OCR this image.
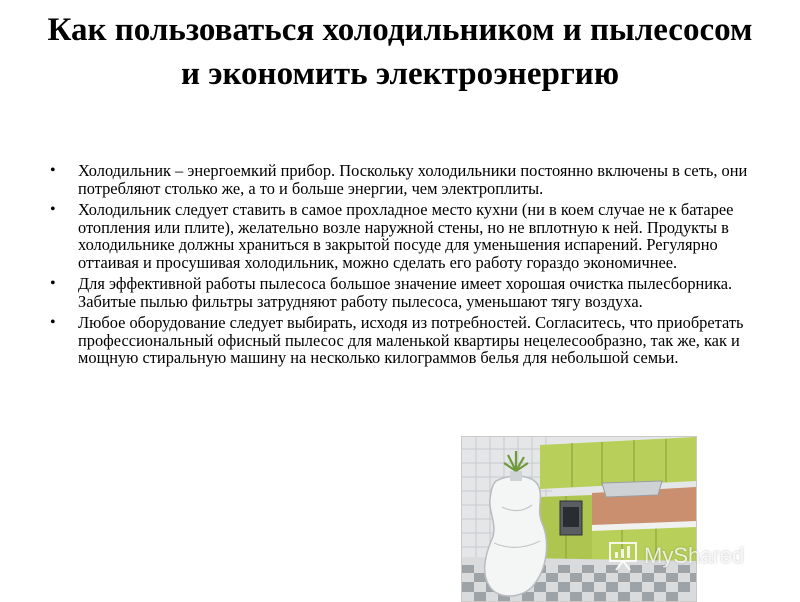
Как пользоваться холодильником и пылесосом и экономить электроэнергию
• Холодильник – энергоемкий прибор. Поскольку холодильники постоянно включены в сеть, они потребляют столько же, а то и больше энергии, чем электроплиты.
• Холодильник следует ставить в самое прохладное место кухни (ни в коем случае не к батарее отопления или плите), желательно возле наружной стены, но не вплотную к ней. Продукты в холодильнике должны храниться в закрытой посуде для уменьшения испарений. Регулярно оттаивая и просушивая холодильник, можно сделать его работу гораздо экономичнее.
• Для эффективной работы пылесоса большое значение имеет хорошая очистка пылесборника. Забитые пылью фильтры затрудняют работу пылесоса, уменьшают тягу воздуха.
• Любое оборудование следует выбирать, исходя из потребностей. Согласитесь, что приобретать профессиональный офисный пылесос для маленькой квартиры нецелесообразно, так же, как и мощную стиральную машину на несколько килограммов белья для небольшой семьи.
MyShared
